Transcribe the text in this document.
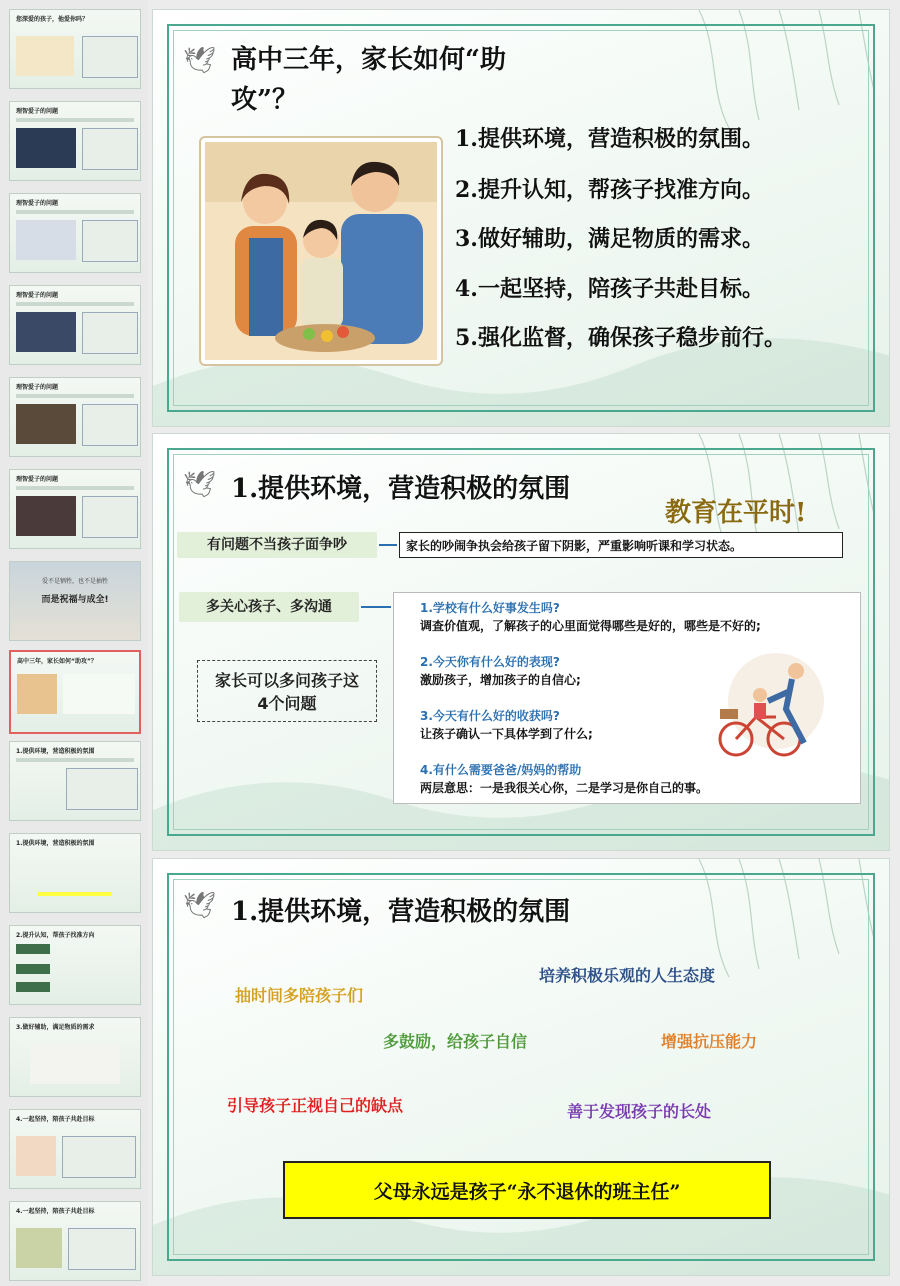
您深爱的孩子，他爱你吗？
理智爱子的问题
理智爱子的问题
理智爱子的问题
理智爱子的问题
理智爱子的问题
爱不是牺牲，也不是抽牲
而是祝福与成全!
高中三年，家长如何“助攻”？
1.提供环境，营造积极的氛围
1.提供环境，营造积极的氛围
2.提升认知，帮孩子找准方向
3.做好辅助，满足物质的需求
4.一起坚持，陪孩子共赴目标
4.一起坚持，陪孩子共赴目标
🕊 高中三年，家长如何“助
攻”？
1.提供环境，营造积极的氛围。
2.提升认知，帮孩子找准方向。
3.做好辅助，满足物质的需求。
4.一起坚持，陪孩子共赴目标。
5.强化监督，确保孩子稳步前行。
🕊 1.提供环境，营造积极的氛围
教育在平时!
有问题不当孩子面争吵	家长的吵闹争执会给孩子留下阴影，严重影响听课和学习状态。
多关心孩子、多沟通
家长可以多问孩子这4个问题
1.学校有什么好事发生吗?
调查价值观，了解孩子的心里面觉得哪些是好的，哪些是不好的;
2.今天你有什么好的表现?
激励孩子，增加孩子的自信心;
3.今天有什么好的收获吗?
让孩子确认一下具体学到了什么;
4.有什么需要爸爸/妈妈的帮助
两层意思：一是我很关心你，二是学习是你自己的事。
🕊 1.提供环境，营造积极的氛围
抽时间多陪孩子们
培养积极乐观的人生态度
多鼓励，给孩子自信	增强抗压能力
引导孩子正视自己的缺点	善于发现孩子的长处
父母永远是孩子“永不退休的班主任”
